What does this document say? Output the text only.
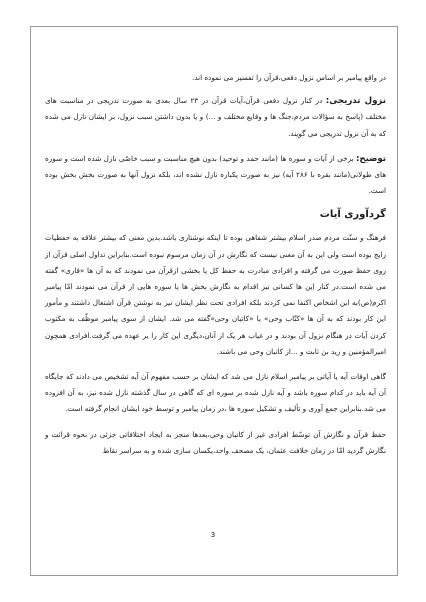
در واقع پیامبر بر اساس نزول دفعی،قرآن را تفسیر می نموده اند.

نزول تدریجی: در کنار نزول دفعی قرآن،آیات قرآن در ۲۳ سال بعدی به صورت تدریجی در مناسبت های مختلف (پاسخ به سؤالات مردم،جنگ ها و وقایع مختلف و ...) و یا بدون داشتن سبب نزول، بر ایشان نازل می شده که به آن نزول تدریجی می گویند.

توضیح: برخی از آیات و سوره ها (مانند حمد و توحید) بدون هیچ مناسبت و سبب خاصّی نازل شده است و سوره های طولانی(مانند بقره با ۲۸۶ آیه) نیز به صورت یکباره نازل نشده اند، بلکه نزول آنها به صورت بخش بخش بوده است.

گردآوری آیات

فرهنگ و سنّت مردم صدر اسلام بیشتر شفاهی بوده تا اینکه نوشتاری باشد.بدین معنی که بیشتر علاقه به حفظیات رایج بوده است ولی این به آن معنی نیست که نگارش در آن زمان مرسوم نبوده است.بنابراین تداول اصلی قرآن از روی حفظ صورت می گرفته و افرادی مبادرت به حفظ کل یا بخشی ازقرآن می نمودند که به آن ها «قاری» گفته می شده است.در کنار این ها کسانی نیز اقدام به نگارش بخش ها یا سوره هایی از قرآن می نمودند امّا پیامبر اکرم(ص)به این اشخاص اکتفا نمی کردند بلکه افرادی تحت نظر ایشان نیز به نوشتن قرآن اشتغال داشتند و مأمور این کار بودند که به آن ها «کتّاب وحی» یا «کاتبان وحی»گفته می شد. ایشان از سوی پیامبر موظّف به مکتوب کردن آیات در هنگام نزول آن بودند و در غیاب هر یک از آنان،دیگری این کار را بر عهده می گرفت.افرادی همچون امیرالمؤمنین و زید بن ثابت و ...از کاتبان وحی می باشند.

گاهی اوقات آیه یا آیاتی بر پیامبر اسلام نازل می شد که ایشان بر حسب مفهوم آن آیه تشخیص می دادند که جایگاه آن آیه باید در کدام سوره باشد و آیه نازل شده بر سوره ای که گاهی در سال گذشته نازل شده نیز، به آن افزوده می شد.بنابراین جمع آوری و تألیف و تشکیل سوره ها ،در زمان پیامبر و توسط خود ایشان انجام گرفته است.

حفظ قرآن و نگارش آن توسّط افرادی غیر از کاتبان وحی،بعدها منجر به ایجاد اختلافاتی جزئی در نحوه قرائت و نگارش گردید امّا در زمان خلافت عثمان، یک مصحف واحد،یکسان سازی شده و به سراسر نقاط

3
